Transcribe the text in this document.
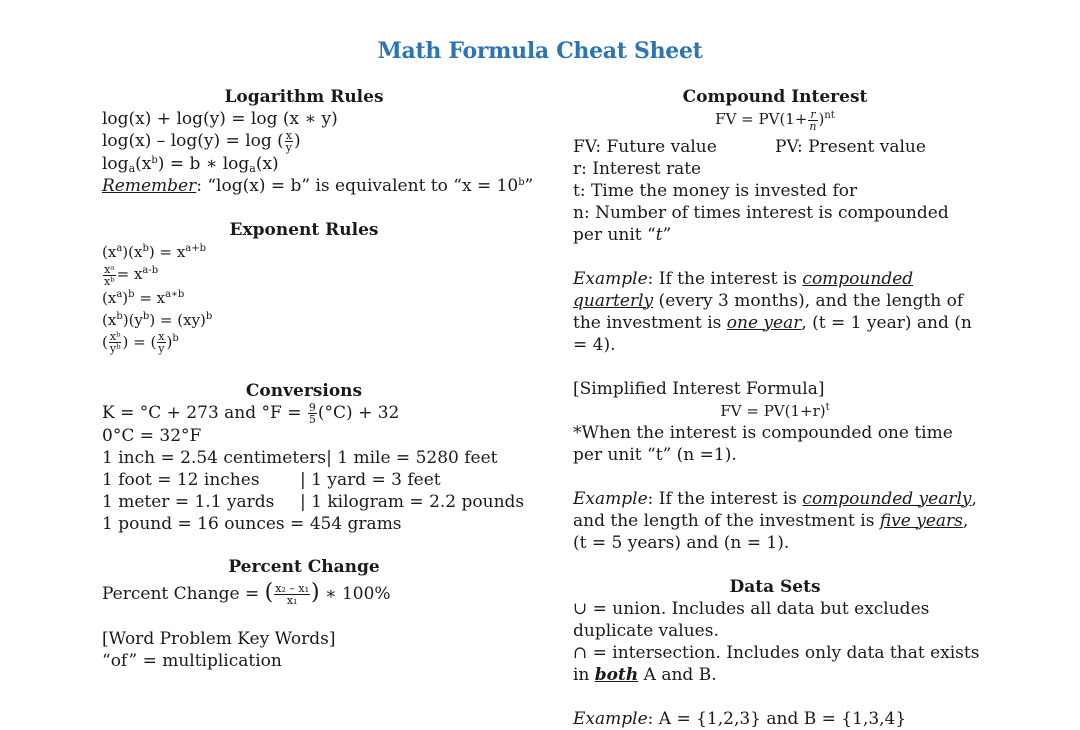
Math Formula Cheat Sheet
Logarithm Rules
log(x) + log(y) = log (x ∗ y)
log(x) – log(y) = log ( $\frac{x}{y}$ )
$\log_a(x^b) = b$ ∗ $\log_a(x)$
Remember: “log(x) = b” is equivalent to “$x = 10^b$”
Exponent Rules
$(x^a)(x^b) = x^{a+b}$
$\frac{\text{xᵃ}}{\text{xᵇ}} = x^{a-b}$
$(x^a)^b = x^{a∗b}$
$(x^b)(y^b) = (xy)^b$
( $\frac{\text{xᵇ}}{\text{yᵇ}}$ ) = ( $\frac{x}{y} )^b$
Conversions
K = °C + 273 and $^\circ F = \frac{9}{5} (^\circ C) + 32$
0°C = 32°F
1 inch = 2.54 centimeters| 1 mile = 5280 feet
1 foot = 12 inches | 1 yard = 3 feet
1 meter = 1.1 yards | 1 kilogram = 2.2 pounds
1 pound = 16 ounces = 454 grams
Percent Change
Percent Change = ( $\frac{\text{x₂ – x₁}}{\text{x₁}}$ ) ∗ 100%
[Word Problem Key Words]
“of” = multiplication
Compound Interest
FV = $PV(1+ \frac{r}{n} )^{nt}$
FV: Future value	PV: Present value
r: Interest rate
t: Time the money is invested for
n: Number of times interest is compounded per unit “t”
Example: If the interest is compounded quarterly (every 3 months), and the length of the investment is one year, (t = 1 year) and (n = 4).
[Simplified Interest Formula]
FV = $PV(1+r)^t$
*When the interest is compounded one time per unit “t” (n =1).
Example: If the interest is compounded yearly, and the length of the investment is five years,
(t = 5 years) and (n = 1).
Data Sets
∪ = union. Includes all data but excludes duplicate values.
∩ = intersection. Includes only data that exists in both A and B.
Example: A = {1,2,3} and B = {1,3,4}
